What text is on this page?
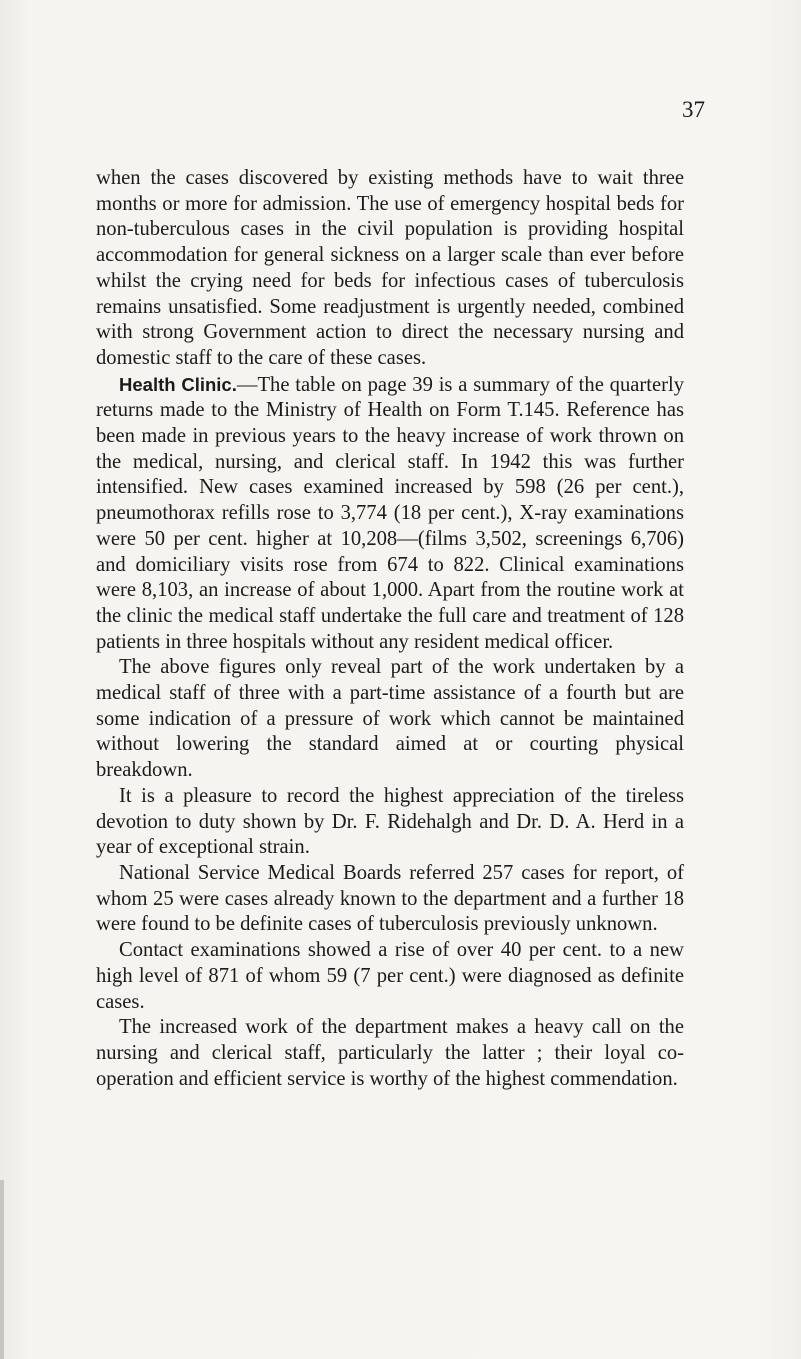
37

when the cases discovered by existing methods have to wait three months or more for admission. The use of emergency hospital beds for non-tuberculous cases in the civil population is providing hospital accommodation for general sickness on a larger scale than ever before whilst the crying need for beds for infectious cases of tuberculosis remains unsatisfied. Some readjustment is urgently needed, combined with strong Government action to direct the necessary nursing and domestic staff to the care of these cases.

Health Clinic.—The table on page 39 is a summary of the quarterly returns made to the Ministry of Health on Form T.145. Reference has been made in previous years to the heavy increase of work thrown on the medical, nursing, and clerical staff. In 1942 this was further intensified. New cases examined increased by 598 (26 per cent.), pneumothorax refills rose to 3,774 (18 per cent.), X-ray examinations were 50 per cent. higher at 10,208—(films 3,502, screenings 6,706) and domiciliary visits rose from 674 to 822. Clinical examinations were 8,103, an increase of about 1,000. Apart from the routine work at the clinic the medical staff undertake the full care and treatment of 128 patients in three hospitals without any resident medical officer.

The above figures only reveal part of the work undertaken by a medical staff of three with a part-time assistance of a fourth but are some indication of a pressure of work which cannot be maintained without lowering the standard aimed at or courting physical breakdown.

It is a pleasure to record the highest appreciation of the tireless devotion to duty shown by Dr. F. Ridehalgh and Dr. D. A. Herd in a year of exceptional strain.

National Service Medical Boards referred 257 cases for report, of whom 25 were cases already known to the department and a further 18 were found to be definite cases of tuberculosis previously unknown.

Contact examinations showed a rise of over 40 per cent. to a new high level of 871 of whom 59 (7 per cent.) were diagnosed as definite cases.

The increased work of the department makes a heavy call on the nursing and clerical staff, particularly the latter ; their loyal co-operation and efficient service is worthy of the highest commendation.
